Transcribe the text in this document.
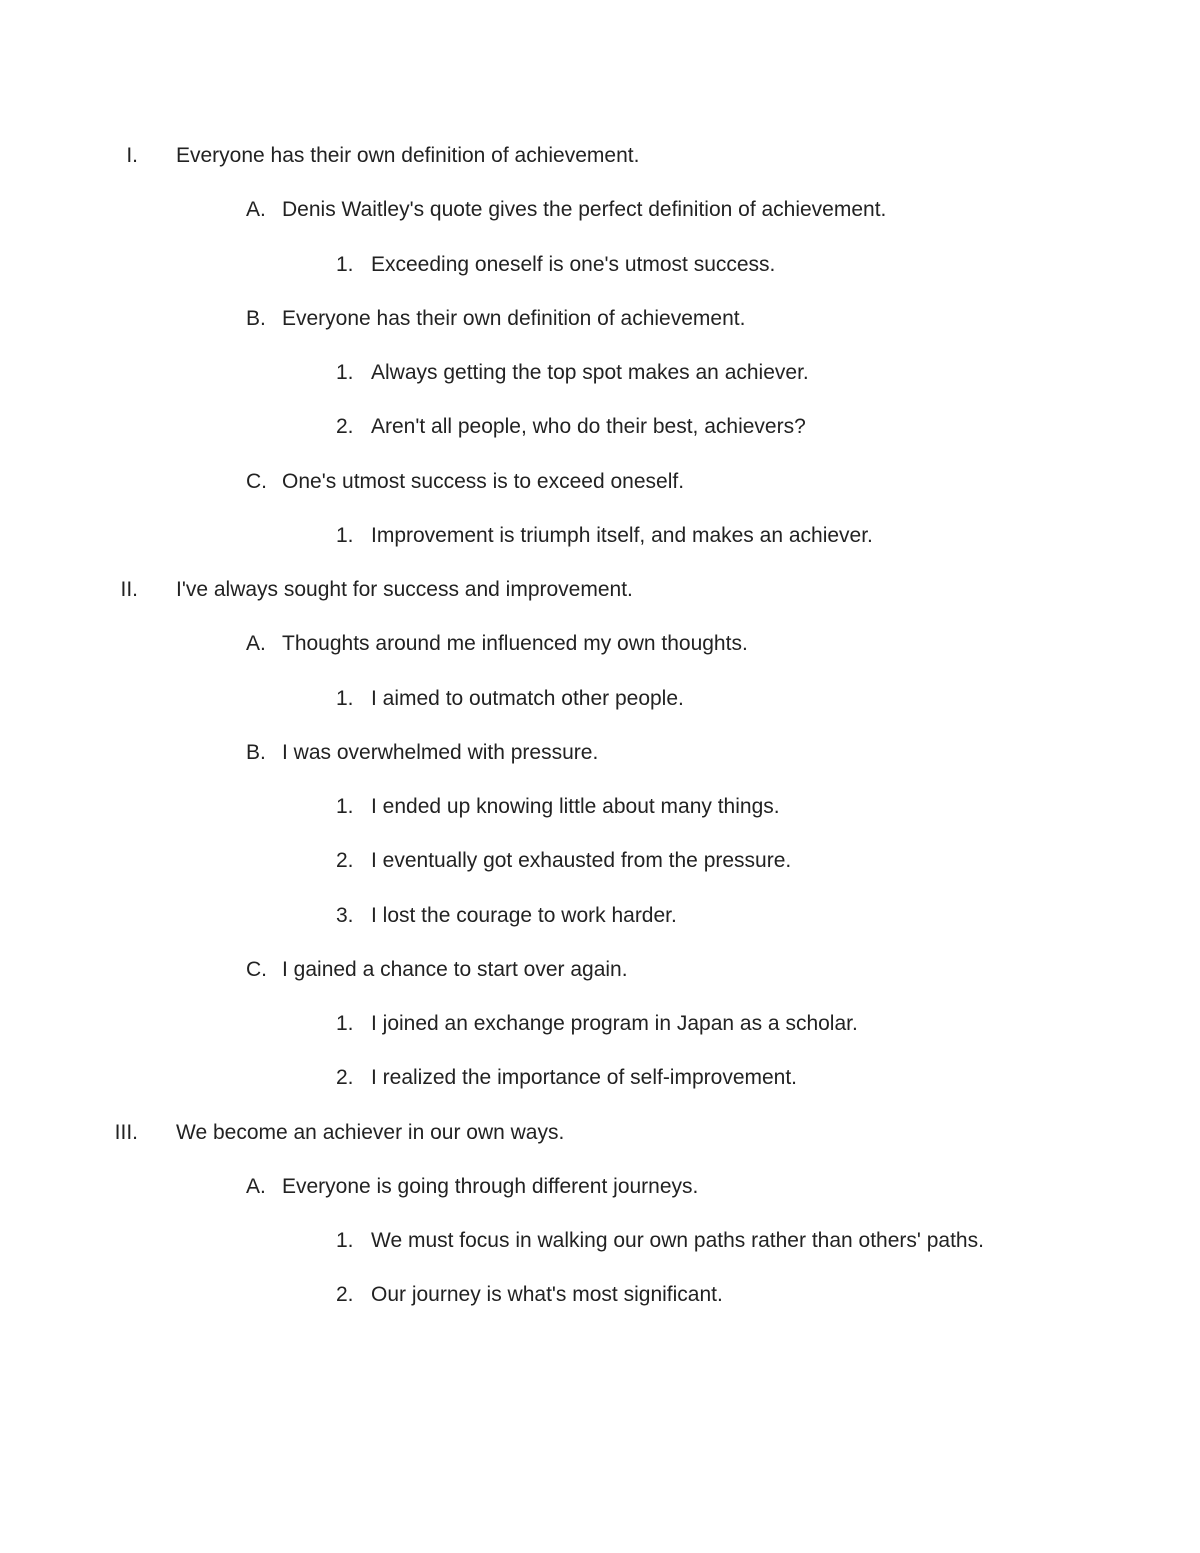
I. Everyone has their own definition of achievement.
A. Denis Waitley's quote gives the perfect definition of achievement.
1. Exceeding oneself is one's utmost success.
B. Everyone has their own definition of achievement.
1. Always getting the top spot makes an achiever.
2. Aren't all people, who do their best, achievers?
C. One's utmost success is to exceed oneself.
1. Improvement is triumph itself, and makes an achiever.
II. I've always sought for success and improvement.
A. Thoughts around me influenced my own thoughts.
1. I aimed to outmatch other people.
B. I was overwhelmed with pressure.
1. I ended up knowing little about many things.
2. I eventually got exhausted from the pressure.
3. I lost the courage to work harder.
C. I gained a chance to start over again.
1. I joined an exchange program in Japan as a scholar.
2. I realized the importance of self-improvement.
III. We become an achiever in our own ways.
A. Everyone is going through different journeys.
1. We must focus in walking our own paths rather than others' paths.
2. Our journey is what's most significant.
